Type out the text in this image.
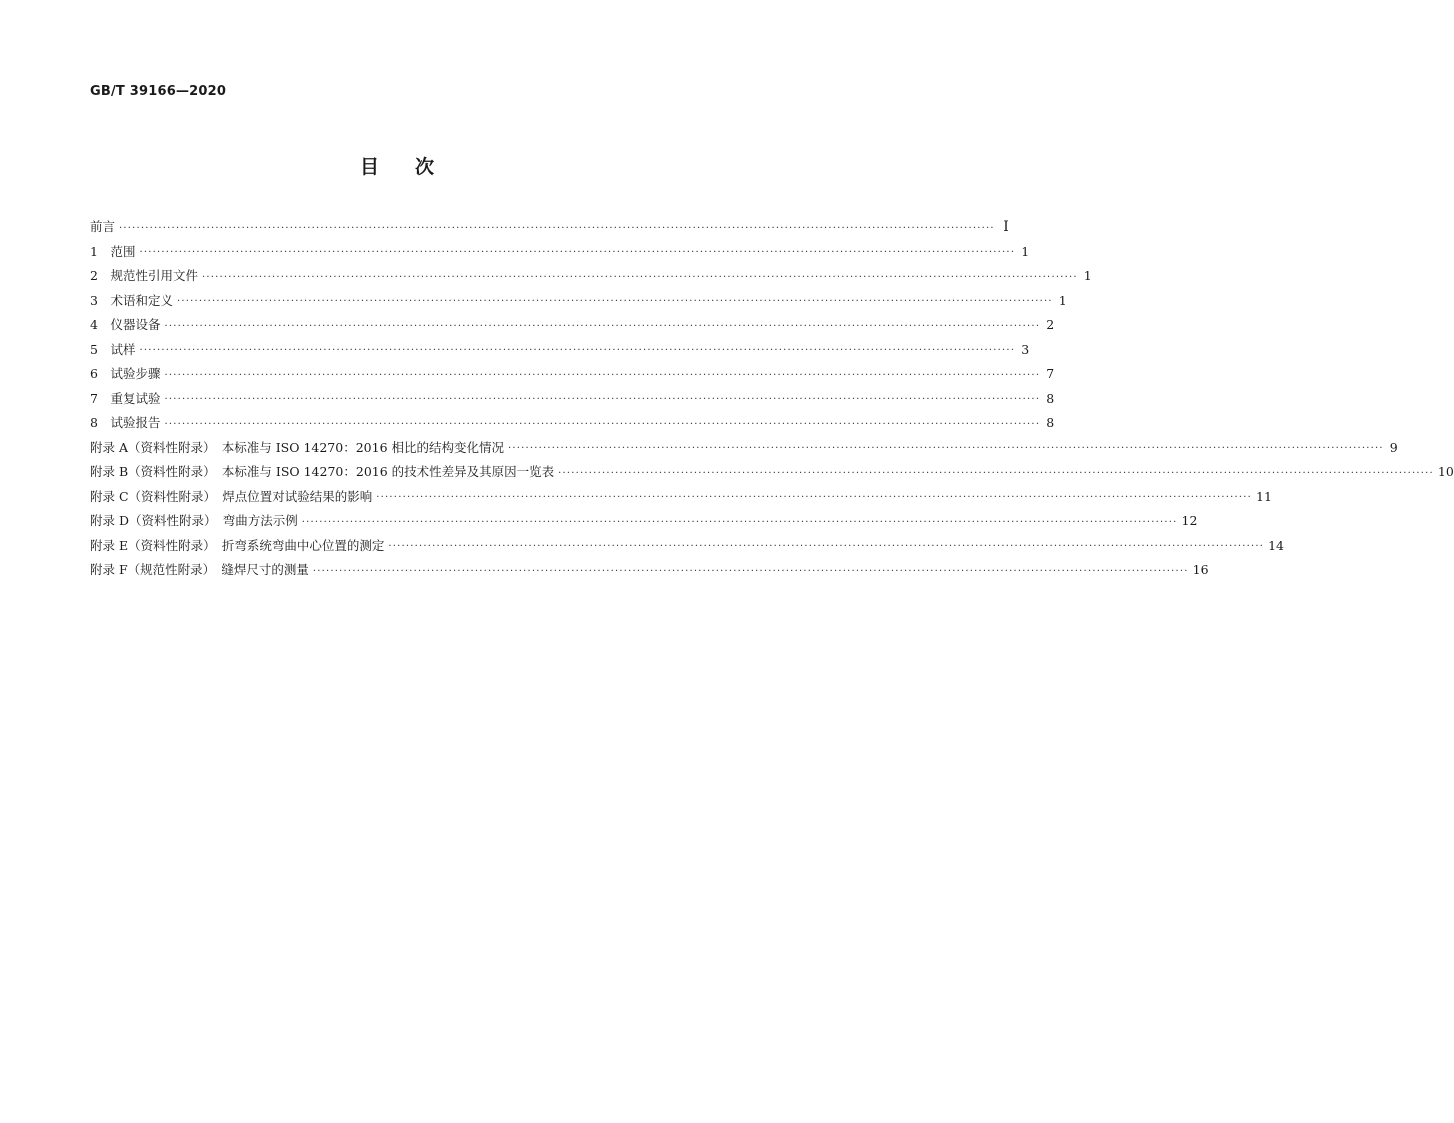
GB/T 39166—2020
目次
前言 ········································································································································································································ Ⅰ
1　范围 ········································································································································································································ 1
2　规范性引用文件 ········································································································································································································ 1
3　术语和定义 ········································································································································································································ 1
4　仪器设备 ········································································································································································································ 2
5　试样 ········································································································································································································ 3
6　试验步骤 ········································································································································································································ 7
7　重复试验 ········································································································································································································ 8
8　试验报告 ········································································································································································································ 8
附录 A（资料性附录）　本标准与 ISO 14270：2016 相比的结构变化情况 ········································································································································································································ 9
附录 B（资料性附录）　本标准与 ISO 14270：2016 的技术性差异及其原因一览表 ········································································································································································································ 10
附录 C（资料性附录）　焊点位置对试验结果的影响 ········································································································································································································ 11
附录 D（资料性附录）　弯曲方法示例 ········································································································································································································ 12
附录 E（资料性附录）　折弯系统弯曲中心位置的测定 ········································································································································································································ 14
附录 F（规范性附录）　缝焊尺寸的测量 ········································································································································································································ 16
